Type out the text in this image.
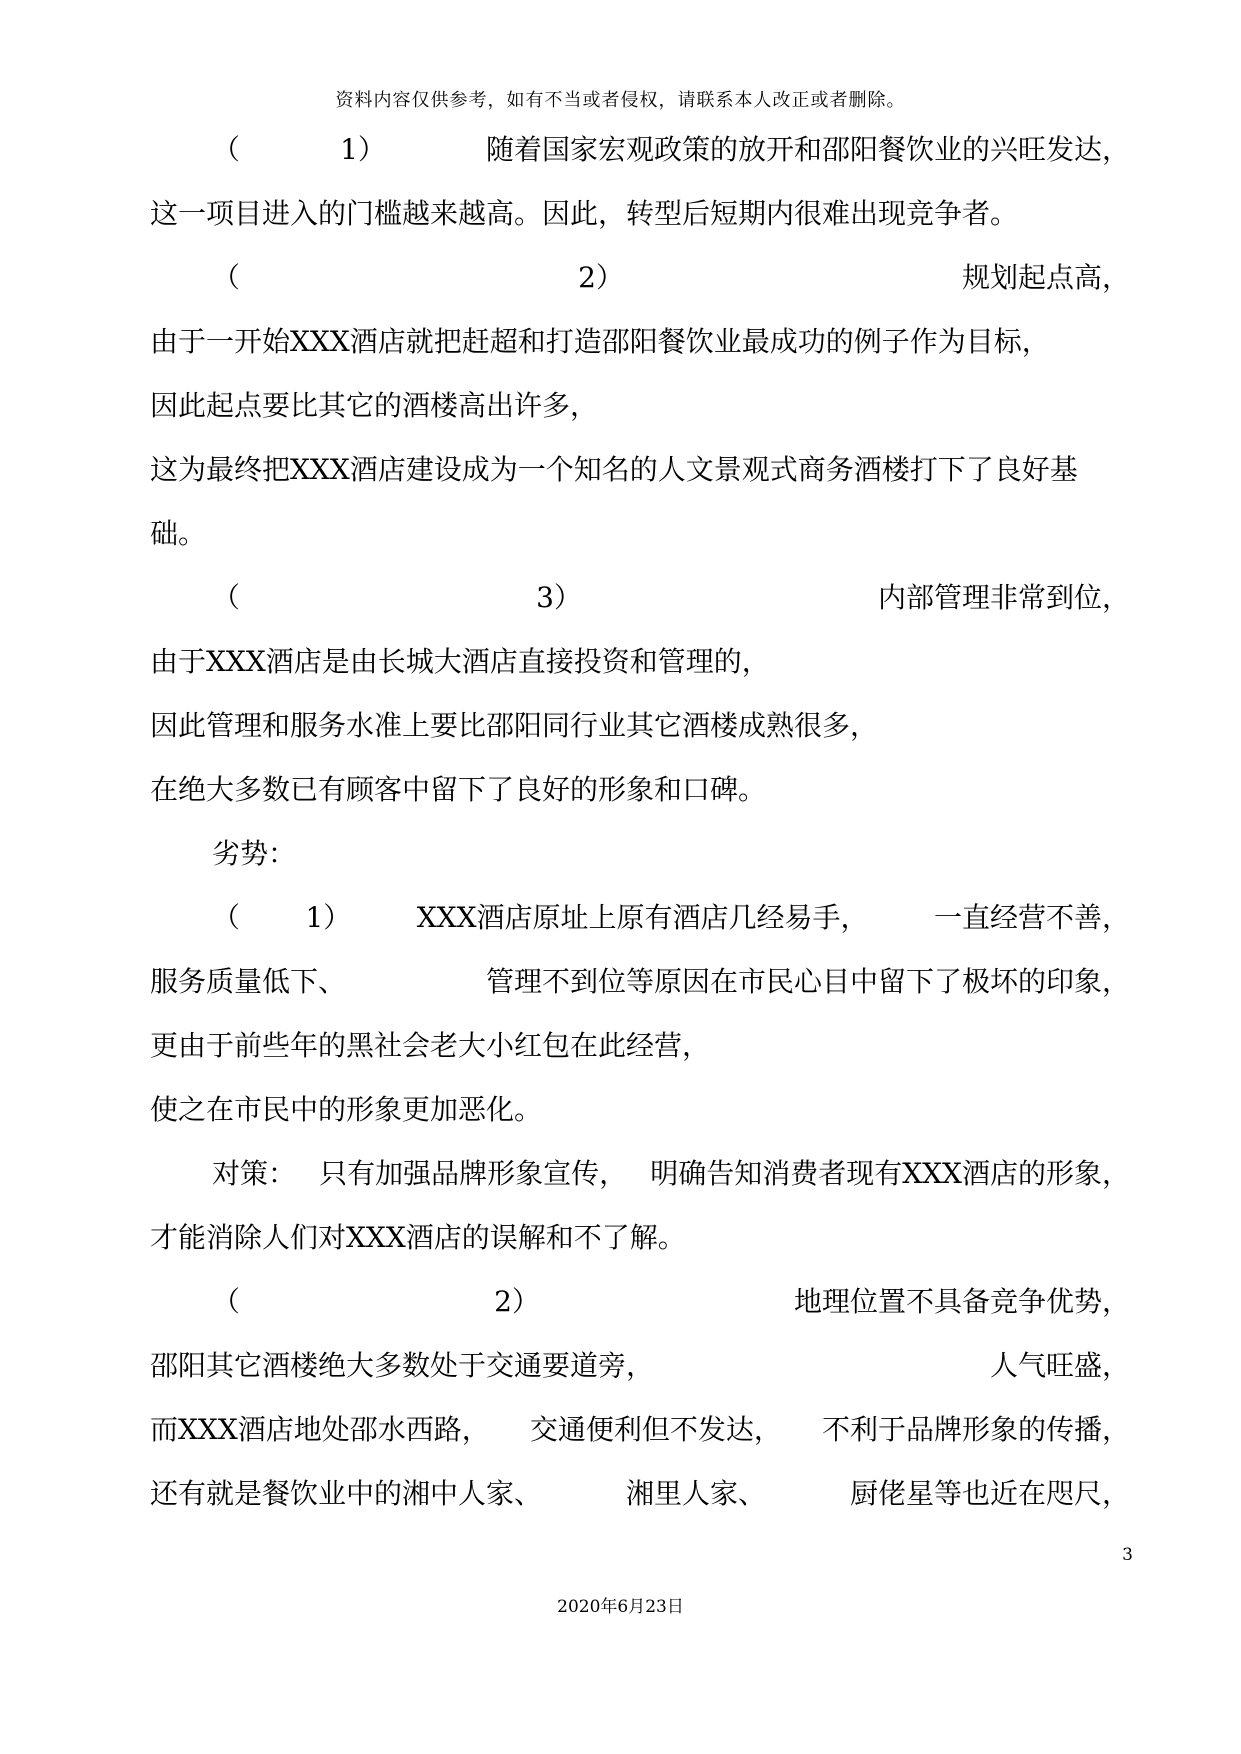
资料内容仅供参考，如有不当或者侵权，请联系本人改正或者删除。
（	1）	随着国家宏观政策的放开和邵阳餐饮业的兴旺发达，
这一项目进入的门槛越来越高。因此，转型后短期内很难出现竞争者。
（	2）	规划起点高，
由于一开始XXX酒店就把赶超和打造邵阳餐饮业最成功的例子作为目标，
因此起点要比其它的酒楼高出许多，
这为最终把XXX酒店建设成为一个知名的人文景观式商务酒楼打下了良好基
础。
（	3）	内部管理非常到位，
由于XXX酒店是由长城大酒店直接投资和管理的，
因此管理和服务水准上要比邵阳同行业其它酒楼成熟很多，
在绝大多数已有顾客中留下了良好的形象和口碑。
劣势：
（ 1） XXX酒店原址上原有酒店几经易手， 一直经营不善，
服务质量低下、	管理不到位等原因在市民心目中留下了极坏的印象，
更由于前些年的黑社会老大小红包在此经营，
使之在市民中的形象更加恶化。
对策： 只有加强品牌形象宣传， 明确告知消费者现有XXX酒店的形象，
才能消除人们对XXX酒店的误解和不了解。
（	2）	地理位置不具备竞争优势，
邵阳其它酒楼绝大多数处于交通要道旁，	人气旺盛，
而XXX酒店地处邵水西路， 交通便利但不发达， 不利于品牌形象的传播，
还有就是餐饮业中的湘中人家、	湘里人家、	厨佬星等也近在咫尺，
3
2020年6月23日
